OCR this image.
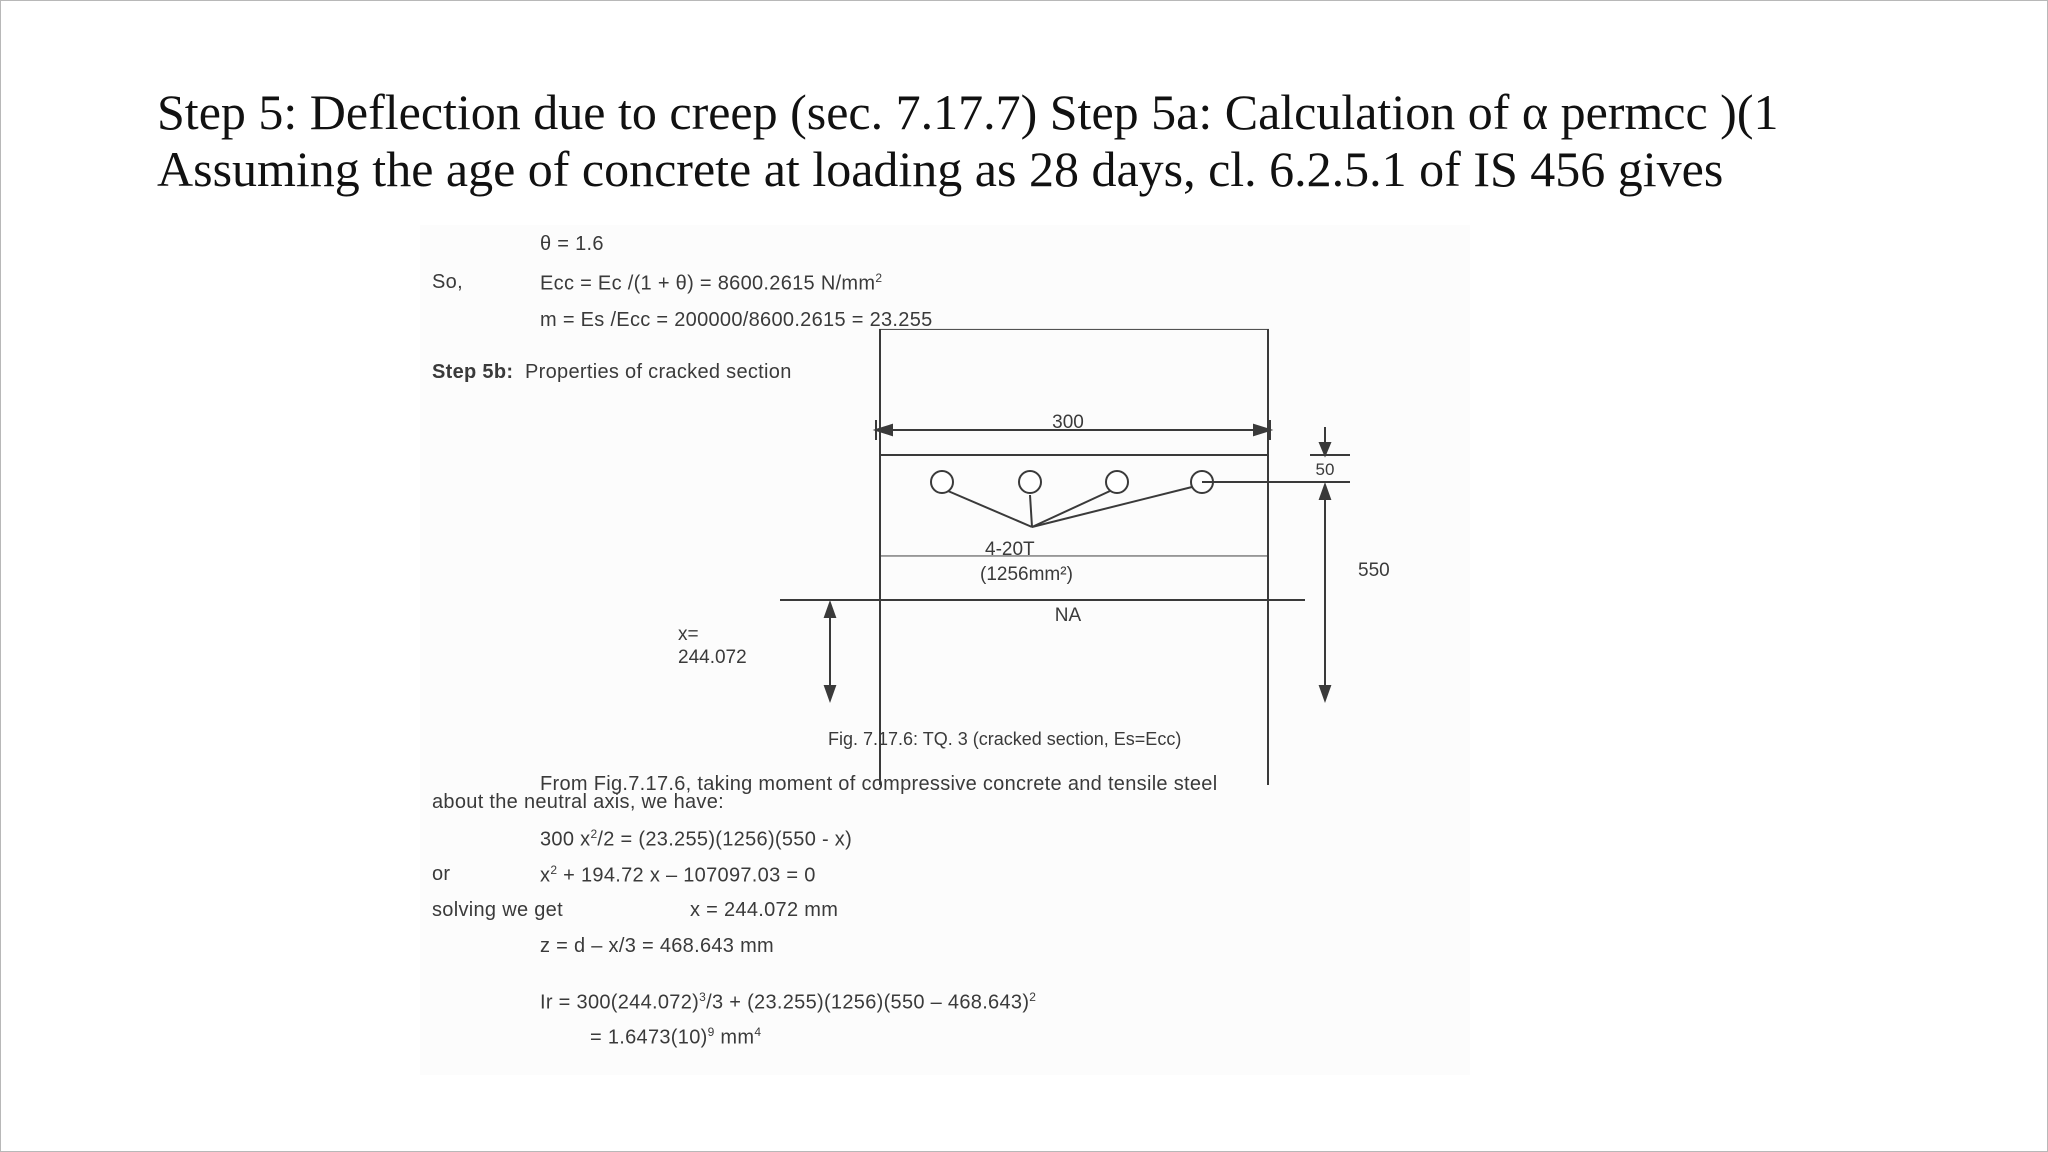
Step 5: Deflection due to creep (sec. 7.17.7) Step 5a: Calculation of α permcc )(1
Assuming the age of concrete at loading as 28 days, cl. 6.2.5.1 of IS 456 gives
θ = 1.6
So,	Ecc = Ec /(1 + θ) = 8600.2615 $N/mm^2$
m = Es /Ecc = 200000/8600.2615 = 23.255
Step 5b: Properties of cracked section
300
4-20T
(1256mm²)
NA
x=
244.072
50
550
Fig. 7.17.6: TQ. 3 (cracked section, Es=Ecc)
From Fig.7.17.6, taking moment of compressive concrete and tensile steel
about the neutral axis, we have:
300 $x^2/2 = (23.255)(1256)(550 - x)$
or	$x^2 + 194.72$ x – 107097.03 = 0
solving we get	x = 244.072 mm
z = d – x/3 = 468.643 mm
$Ir = 300(244.072)^3/3 + (23.255)(1256)(550 - 468.643)^2$
= $1.6473(10)^9$ $mm^4$
